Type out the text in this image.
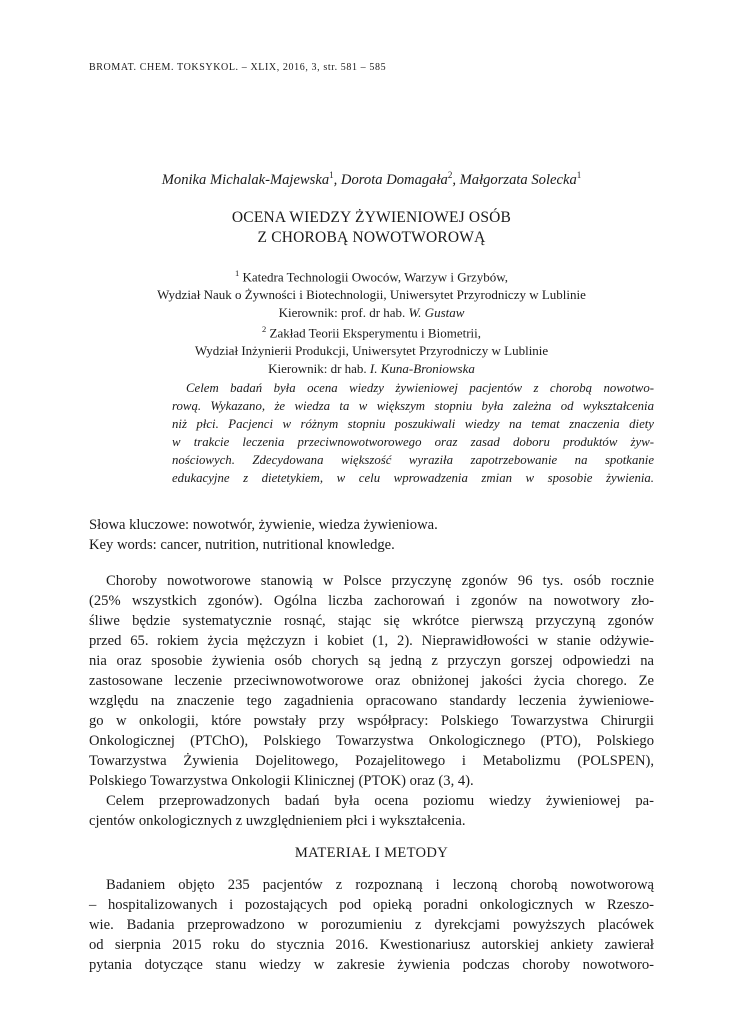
BROMAT. CHEM. TOKSYKOL. – XLIX, 2016, 3, str. 581 – 585
Monika Michalak-Majewska$^1$, Dorota Domagała$^2$, Małgorzata Solecka$^1$
OCENA WIEDZY ŻYWIENIOWEJ OSÓB
Z CHOROBĄ NOWOTWOROWĄ
$^1$ Katedra Technologii Owoców, Warzyw i Grzybów,
Wydział Nauk o Żywności i Biotechnologii, Uniwersytet Przyrodniczy w Lublinie
Kierownik: prof. dr hab. W. Gustaw
$^2$ Zakład Teorii Eksperymentu i Biometrii,
Wydział Inżynierii Produkcji, Uniwersytet Przyrodniczy w Lublinie
Kierownik: dr hab. I. Kuna-Broniowska
Celem badań była ocena wiedzy żywieniowej pacjentów z chorobą nowotwo-
rową. Wykazano, że wiedza ta w większym stopniu była zależna od wykształcenia
niż płci. Pacjenci w różnym stopniu poszukiwali wiedzy na temat znaczenia diety
w trakcie leczenia przeciwnowotworowego oraz zasad doboru produktów żyw-
nościowych. Zdecydowana większość wyraziła zapotrzebowanie na spotkanie
edukacyjne z dietetykiem, w celu wprowadzenia zmian w sposobie żywienia.
Słowa kluczowe: nowotwór, żywienie, wiedza żywieniowa.
Key words: cancer, nutrition, nutritional knowledge.
Choroby nowotworowe stanowią w Polsce przyczynę zgonów 96 tys. osób rocznie
(25% wszystkich zgonów). Ogólna liczba zachorowań i zgonów na nowotwory zło-
śliwe będzie systematycznie rosnąć, stając się wkrótce pierwszą przyczyną zgonów
przed 65. rokiem życia mężczyzn i kobiet (1, 2). Nieprawidłowości w stanie odżywie-
nia oraz sposobie żywienia osób chorych są jedną z przyczyn gorszej odpowiedzi na
zastosowane leczenie przeciwnowotworowe oraz obniżonej jakości życia chorego. Ze
względu na znaczenie tego zagadnienia opracowano standardy leczenia żywieniowe-
go w onkologii, które powstały przy współpracy: Polskiego Towarzystwa Chirurgii
Onkologicznej (PTChO), Polskiego Towarzystwa Onkologicznego (PTO), Polskiego
Towarzystwa Żywienia Dojelitowego, Pozajelitowego i Metabolizmu (POLSPEN),
Polskiego Towarzystwa Onkologii Klinicznej (PTOK) oraz (3, 4).
Celem przeprowadzonych badań była ocena poziomu wiedzy żywieniowej pa-
cjentów onkologicznych z uwzględnieniem płci i wykształcenia.
MATERIAŁ I METODY
Badaniem objęto 235 pacjentów z rozpoznaną i leczoną chorobą nowotworową
– hospitalizowanych i pozostających pod opieką poradni onkologicznych w Rzeszo-
wie. Badania przeprowadzono w porozumieniu z dyrekcjami powyższych placówek
od sierpnia 2015 roku do stycznia 2016. Kwestionariusz autorskiej ankiety zawierał
pytania dotyczące stanu wiedzy w zakresie żywienia podczas choroby nowotworo-
